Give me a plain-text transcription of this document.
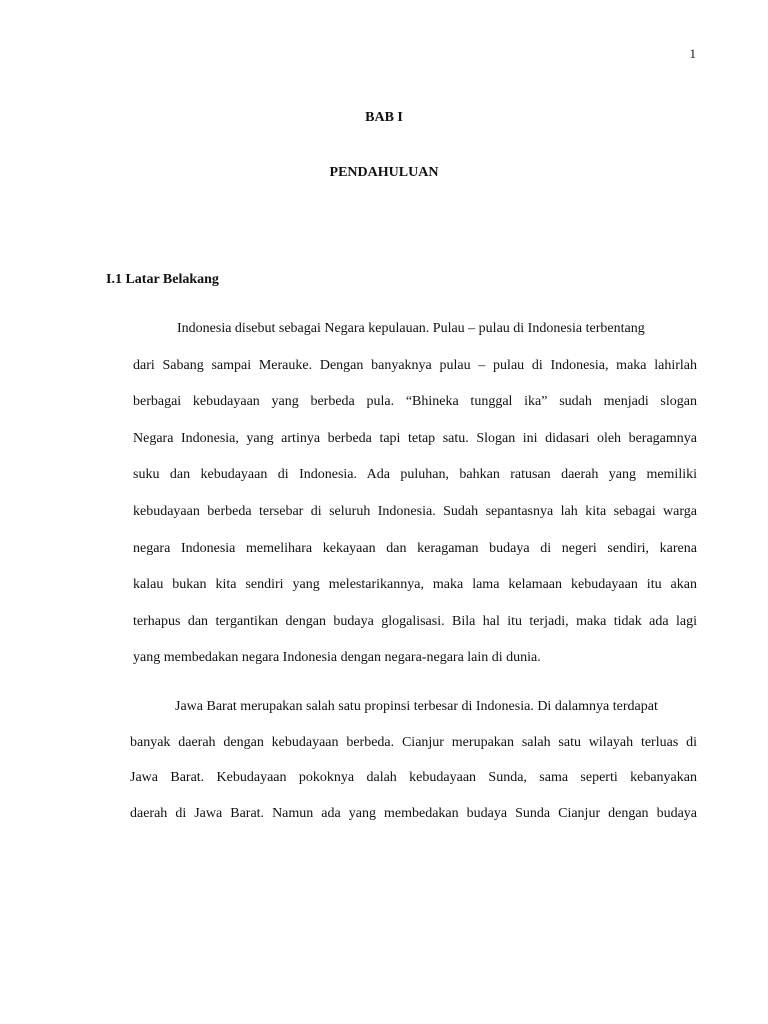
1
BAB I
PENDAHULUAN
I.1 Latar Belakang
Indonesia disebut sebagai Negara kepulauan. Pulau – pulau di Indonesia terbentang
dari Sabang sampai Merauke. Dengan banyaknya pulau – pulau di Indonesia, maka lahirlah
berbagai kebudayaan yang berbeda pula. “Bhineka tunggal ika” sudah menjadi slogan
Negara Indonesia, yang artinya berbeda tapi tetap satu. Slogan ini didasari oleh beragamnya
suku dan kebudayaan di Indonesia. Ada puluhan, bahkan ratusan daerah yang memiliki
kebudayaan berbeda tersebar di seluruh Indonesia. Sudah sepantasnya lah kita sebagai warga
negara Indonesia memelihara kekayaan dan keragaman budaya di negeri sendiri, karena
kalau bukan kita sendiri yang melestarikannya, maka lama kelamaan kebudayaan itu akan
terhapus dan tergantikan dengan budaya glogalisasi. Bila hal itu terjadi, maka tidak ada lagi
yang membedakan negara Indonesia dengan negara-negara lain di dunia.
Jawa Barat merupakan salah satu propinsi terbesar di Indonesia. Di dalamnya terdapat
banyak daerah dengan kebudayaan berbeda. Cianjur merupakan salah satu wilayah terluas di
Jawa Barat. Kebudayaan pokoknya dalah kebudayaan Sunda, sama seperti kebanyakan
daerah di Jawa Barat. Namun ada yang membedakan budaya Sunda Cianjur dengan budaya
